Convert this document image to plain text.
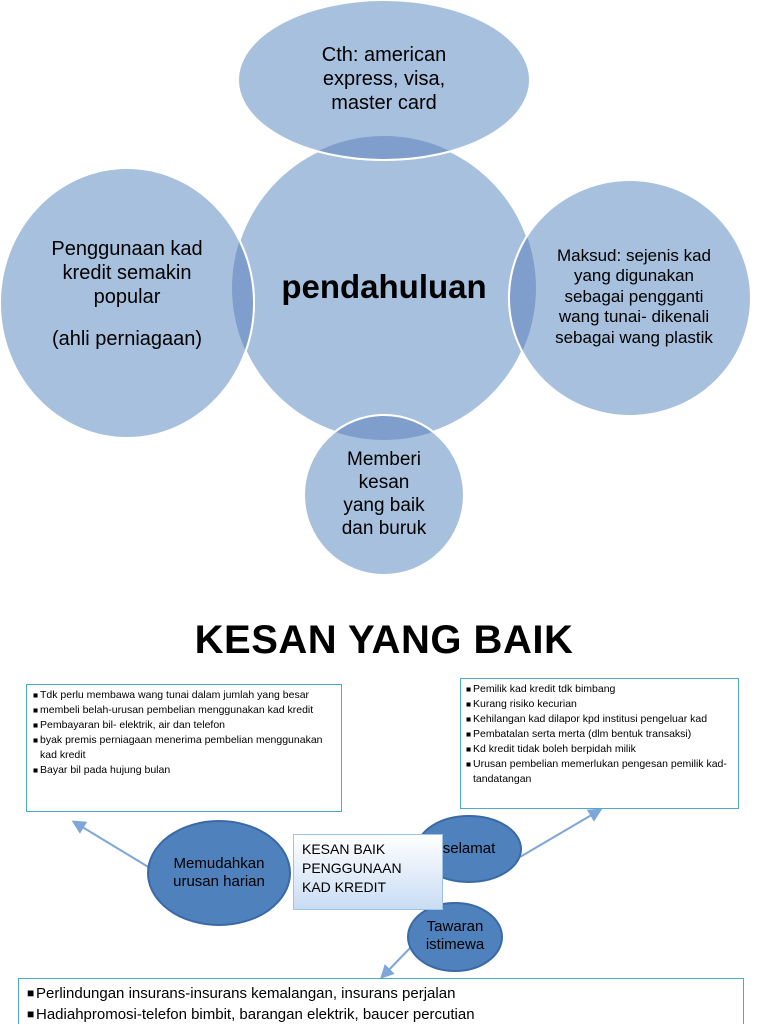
Cth: american
express, visa,
master card
pendahuluan
Penggunaan kad
kredit semakin
popular
(ahli perniagaan)
Maksud: sejenis kad
yang digunakan
sebagai pengganti
wang tunai- dikenali
sebagai wang plastik
Memberi
kesan
yang baik
dan buruk
KESAN YANG BAIK
■ Tdk perlu membawa wang tunai dalam jumlah yang besar
■ membeli belah-urusan pembelian menggunakan kad kredit
■ Pembayaran bil- elektrik, air dan telefon
■ byak premis perniagaan menerima pembelian menggunakan kad kredit
■ Bayar bil pada hujung bulan
■ Pemilik kad kredit tdk bimbang
■ Kurang risiko kecurian
■ Kehilangan kad dilapor kpd institusi pengeluar kad
■ Pembatalan serta merta (dlm bentuk transaksi)
■ Kd kredit tidak boleh berpidah milik
■ Urusan pembelian memerlukan pengesan pemilik kad- tandatangan
KESAN BAIK
PENGGUNAAN
KAD KREDIT
Memudahkan
urusan harian
selamat
Tawaran
istimewa
■ Perlindungan insurans-insurans kemalangan, insurans perjalan
■ Hadiahpromosi-telefon bimbit, barangan elektrik, baucer percutian
